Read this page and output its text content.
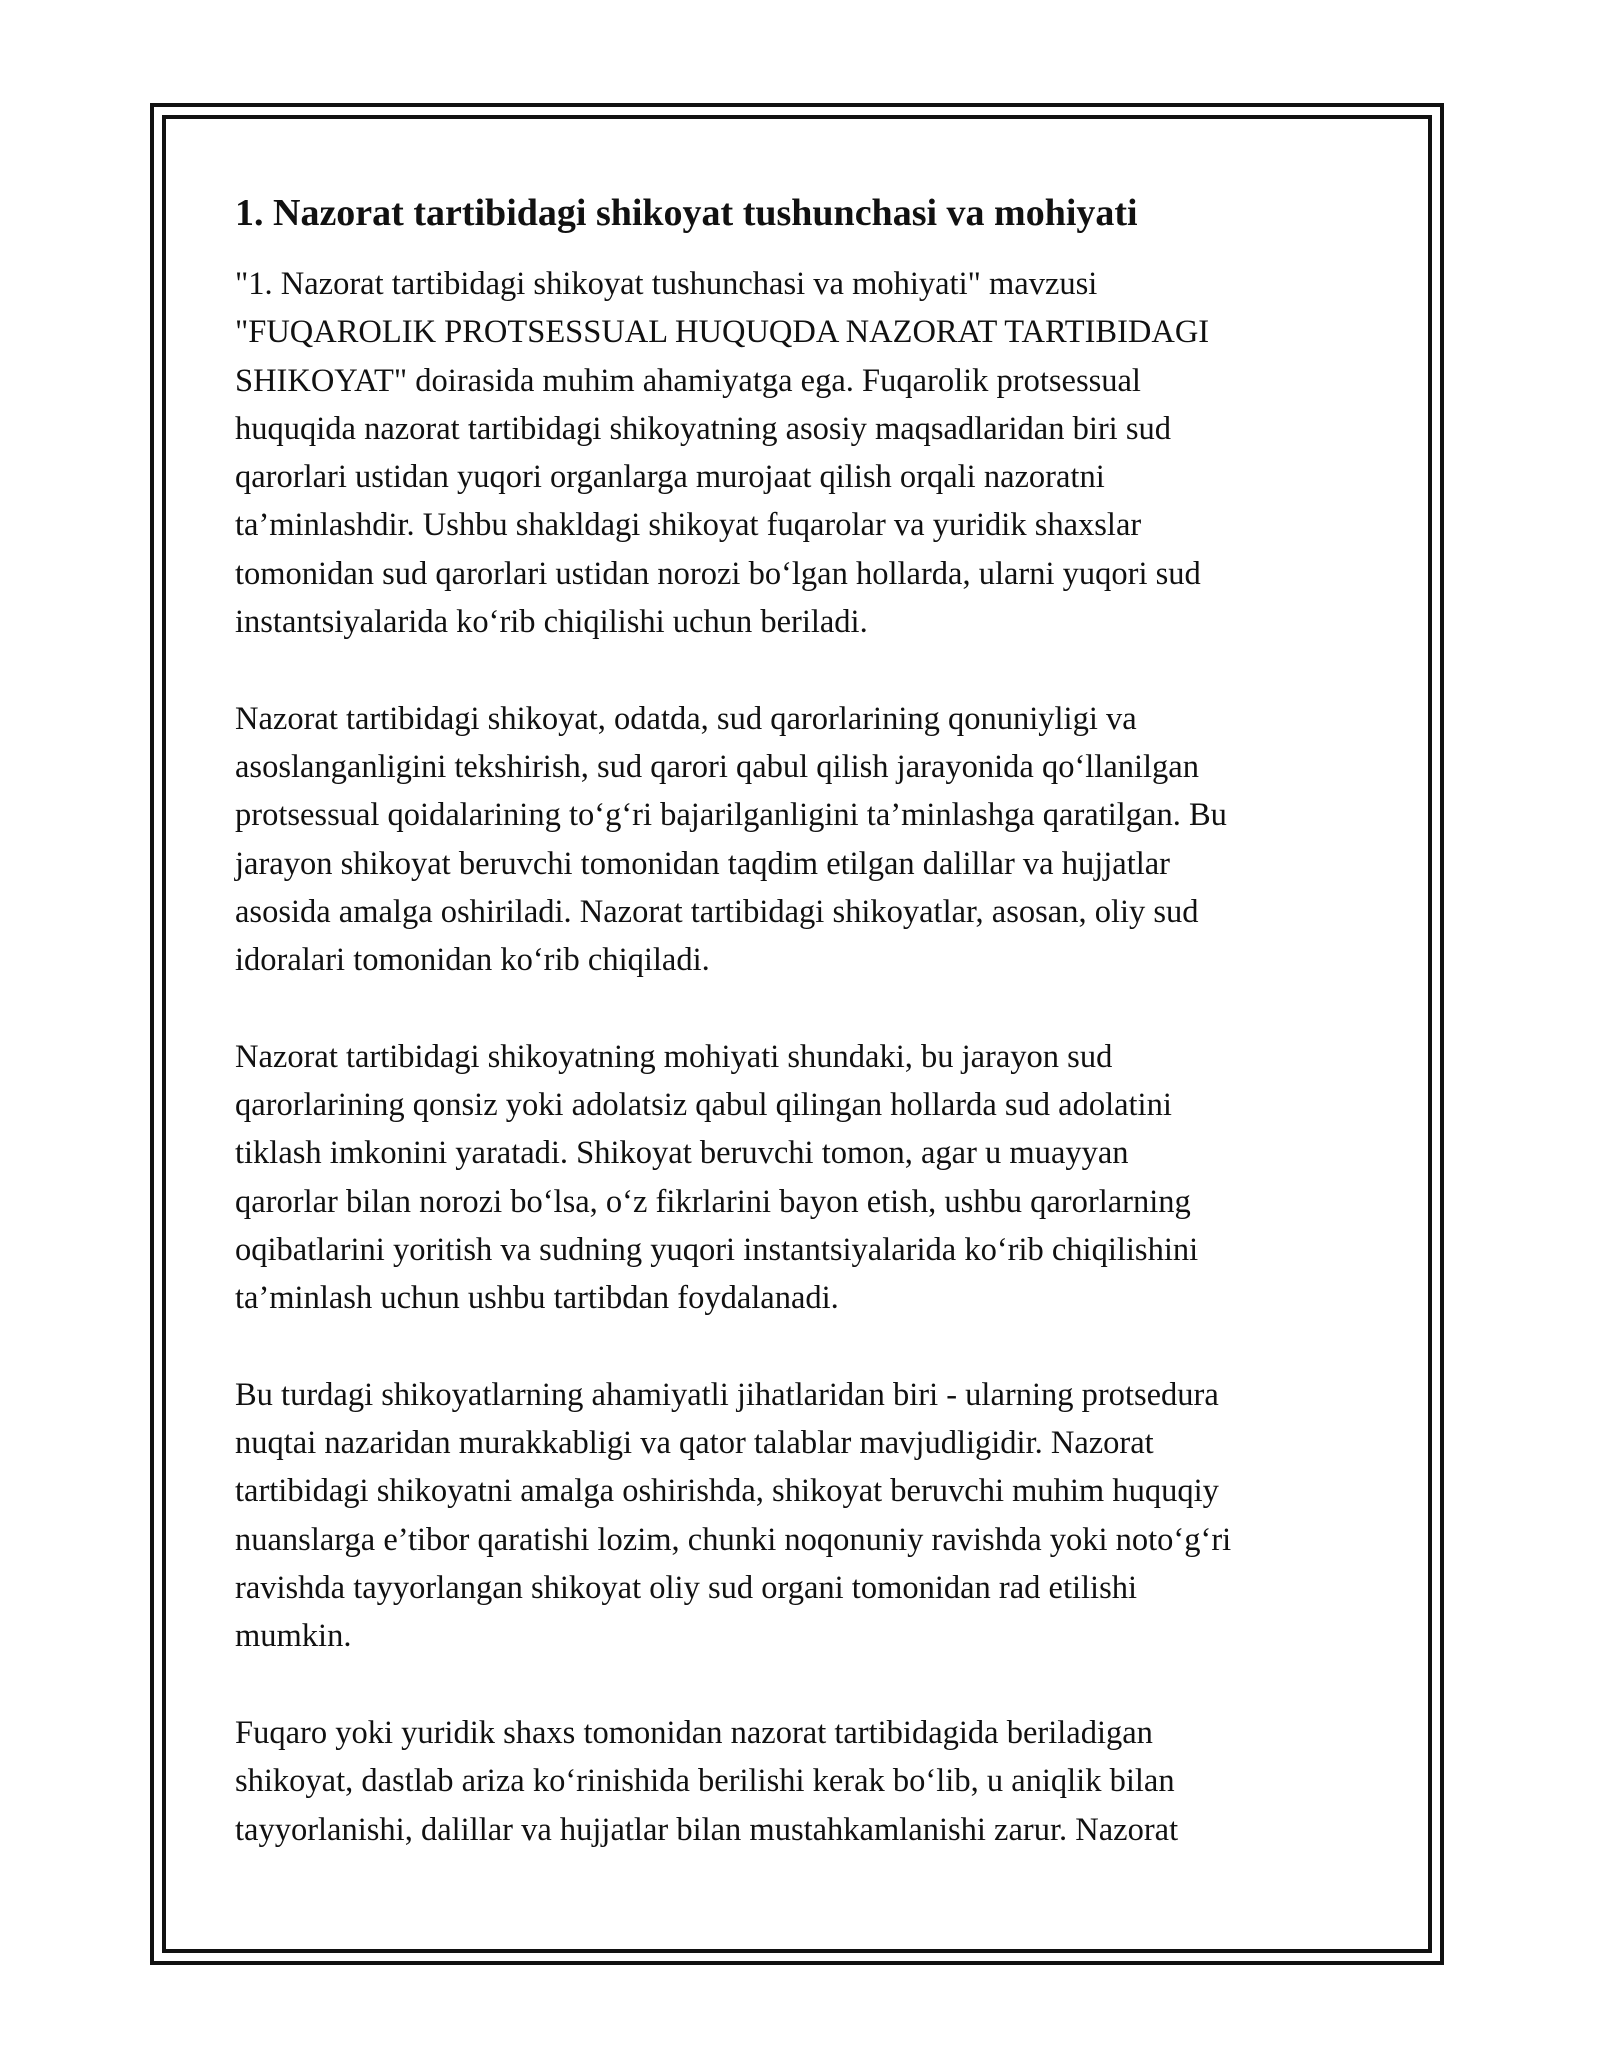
1. Nazorat tartibidagi shikoyat tushunchasi va mohiyati

"1. Nazorat tartibidagi shikoyat tushunchasi va mohiyati" mavzusi
"FUQAROLIK PROTSESSUAL HUQUQDA NAZORAT TARTIBIDAGI
SHIKOYAT" doirasida muhim ahamiyatga ega. Fuqarolik protsessual
huquqida nazorat tartibidagi shikoyatning asosiy maqsadlaridan biri sud
qarorlari ustidan yuqori organlarga murojaat qilish orqali nazoratni
ta’minlashdir. Ushbu shakldagi shikoyat fuqarolar va yuridik shaxslar
tomonidan sud qarorlari ustidan norozi bo‘lgan hollarda, ularni yuqori sud
instantsiyalarida ko‘rib chiqilishi uchun beriladi.

Nazorat tartibidagi shikoyat, odatda, sud qarorlarining qonuniyligi va
asoslanganligini tekshirish, sud qarori qabul qilish jarayonida qo‘llanilgan
protsessual qoidalarining to‘g‘ri bajarilganligini ta’minlashga qaratilgan. Bu
jarayon shikoyat beruvchi tomonidan taqdim etilgan dalillar va hujjatlar
asosida amalga oshiriladi. Nazorat tartibidagi shikoyatlar, asosan, oliy sud
idoralari tomonidan ko‘rib chiqiladi.

Nazorat tartibidagi shikoyatning mohiyati shundaki, bu jarayon sud
qarorlarining qonsiz yoki adolatsiz qabul qilingan hollarda sud adolatini
tiklash imkonini yaratadi. Shikoyat beruvchi tomon, agar u muayyan
qarorlar bilan norozi bo‘lsa, o‘z fikrlarini bayon etish, ushbu qarorlarning
oqibatlarini yoritish va sudning yuqori instantsiyalarida ko‘rib chiqilishini
ta’minlash uchun ushbu tartibdan foydalanadi.

Bu turdagi shikoyatlarning ahamiyatli jihatlaridan biri - ularning protsedura
nuqtai nazaridan murakkabligi va qator talablar mavjudligidir. Nazorat
tartibidagi shikoyatni amalga oshirishda, shikoyat beruvchi muhim huquqiy
nuanslarga e’tibor qaratishi lozim, chunki noqonuniy ravishda yoki noto‘g‘ri
ravishda tayyorlangan shikoyat oliy sud organi tomonidan rad etilishi
mumkin.

Fuqaro yoki yuridik shaxs tomonidan nazorat tartibidagida beriladigan
shikoyat, dastlab ariza ko‘rinishida berilishi kerak bo‘lib, u aniqlik bilan
tayyorlanishi, dalillar va hujjatlar bilan mustahkamlanishi zarur. Nazorat
